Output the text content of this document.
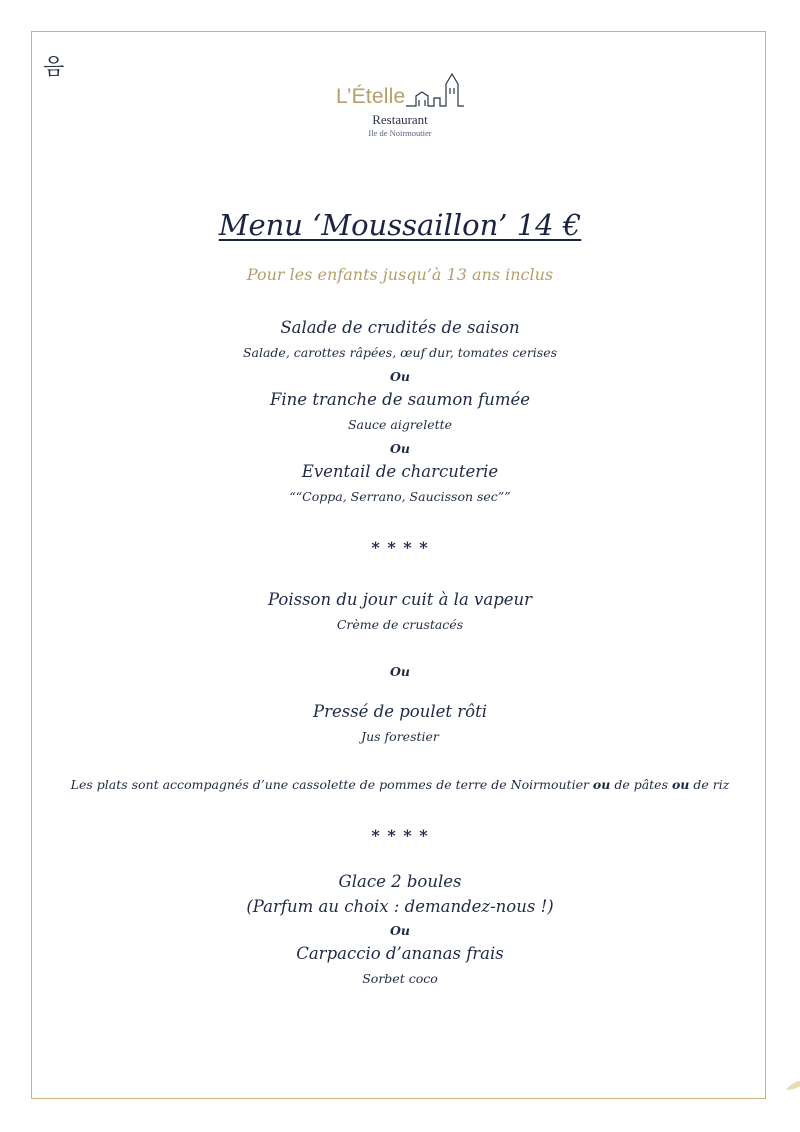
음
L’Ételle
Restaurant
Ile de Noirmoutier
Menu ‘Moussaillon’ 14 €
Pour les enfants jusqu’à 13 ans inclus
Salade de crudités de saison
Salade, carottes râpées, œuf dur, tomates cerises
Ou
Fine tranche de saumon fumée
Sauce aigrelette
Ou
Eventail de charcuterie
““Coppa, Serrano, Saucisson sec””
* * * *
Poisson du jour cuit à la vapeur
Crème de crustacés
Ou
Pressé de poulet rôti
Jus forestier
Les plats sont accompagnés d’une cassolette de pommes de terre de Noirmoutier ou de pâtes ou de riz
* * * *
Glace 2 boules
(Parfum au choix : demandez-nous !)
Ou
Carpaccio d’ananas frais
Sorbet coco
